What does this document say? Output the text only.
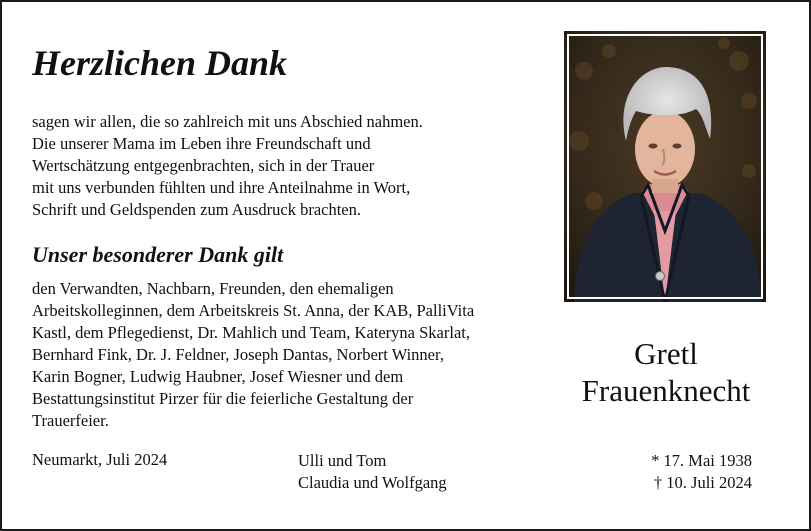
Herzlichen Dank
sagen wir allen, die so zahlreich mit uns Abschied nahmen.
Die unserer Mama im Leben ihre Freundschaft und
Wertschätzung entgegenbrachten, sich in der Trauer
mit uns verbunden fühlten und ihre Anteilnahme in Wort,
Schrift und Geldspenden zum Ausdruck brachten.
Unser besonderer Dank gilt
den Verwandten, Nachbarn, Freunden, den ehemaligen
Arbeitskolleginnen, dem Arbeitskreis St. Anna, der KAB, PalliVita
Kastl, dem Pflegedienst, Dr. Mahlich und Team, Kateryna Skarlat,
Bernhard Fink, Dr. J. Feldner, Joseph Dantas, Norbert Winner,
Karin Bogner, Ludwig Haubner, Josef Wiesner und dem
Bestattungsinstitut Pirzer für die feierliche Gestaltung der
Trauerfeier.
Gretl
Frauenknecht
Neumarkt, Juli 2024	Ulli und Tom
Claudia und Wolfgang
* 17. Mai 1938
† 10. Juli 2024
